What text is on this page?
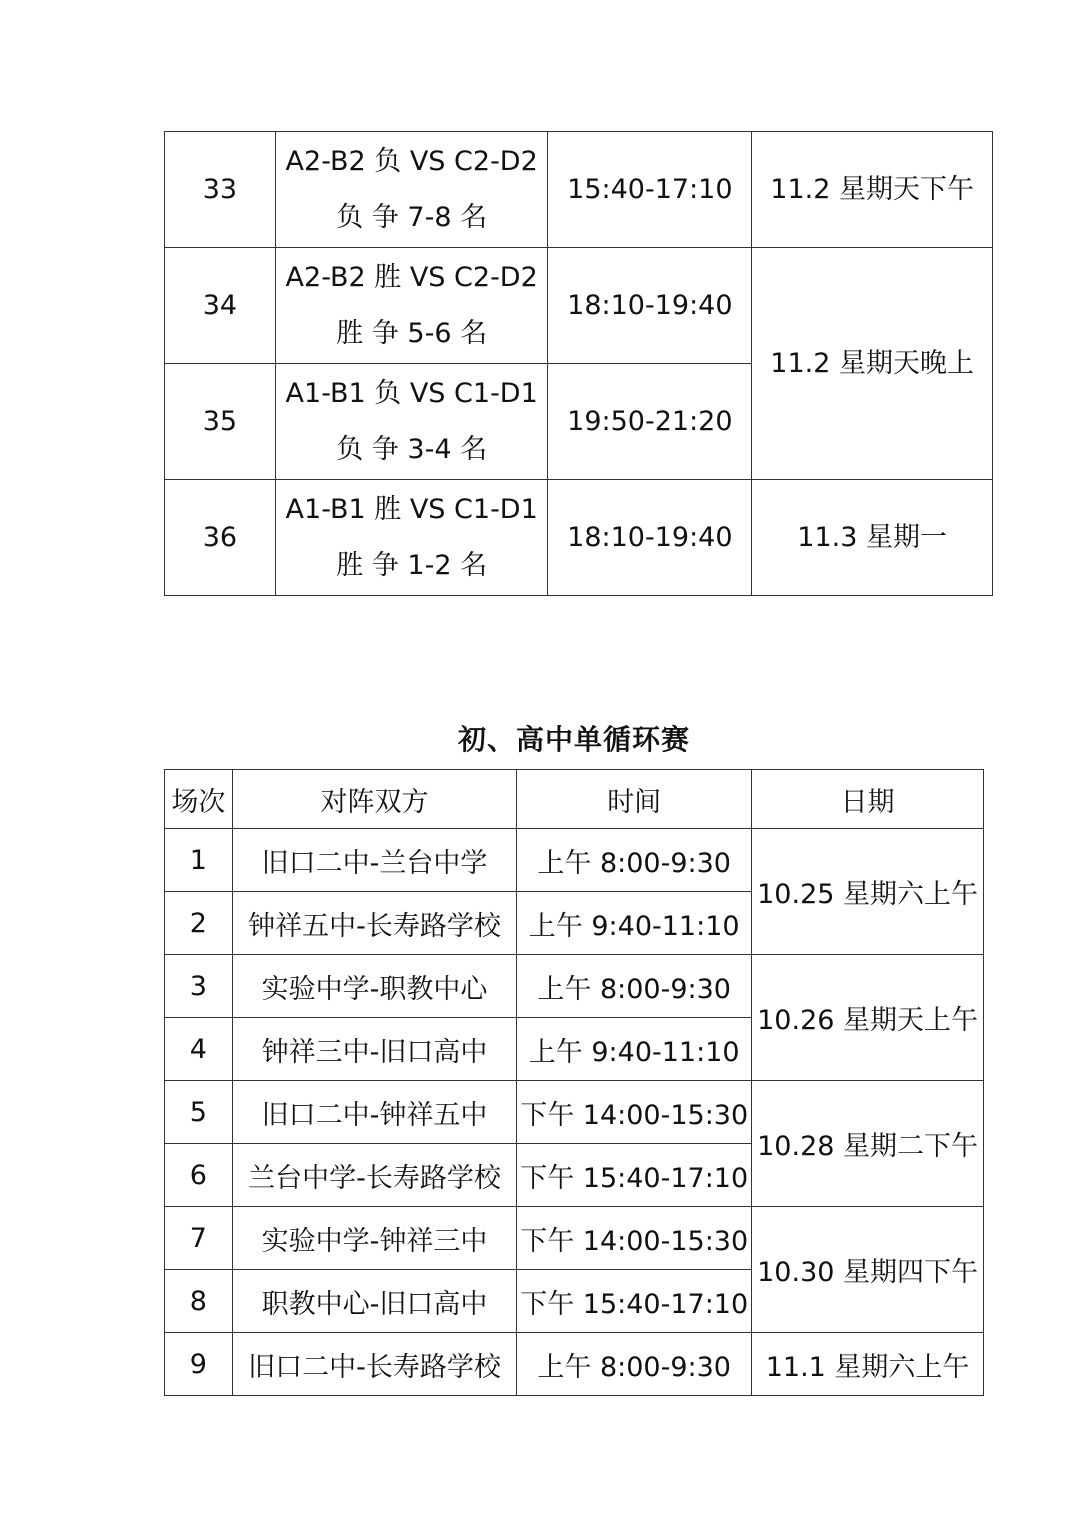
33	A2-B2 负 VS C2-D2
负 争 7-8 名	15:40-17:10	11.2 星期天下午
34	A2-B2 胜 VS C2-D2
胜 争 5-6 名	18:10-19:40	11.2 星期天晚上
35	A1-B1 负 VS C1-D1
负 争 3-4 名	19:50-21:20	
36	A1-B1 胜 VS C1-D1
胜 争 1-2 名	18:10-19:40	11.3 星期一
初、高中单循环赛
场次	对阵双方	时间	日期
1	旧口二中-兰台中学	上午 8:00-9:30	10.25 星期六上午
2	钟祥五中-长寿路学校	上午 9:40-11:10	
3	实验中学-职教中心	上午 8:00-9:30	10.26 星期天上午
4	钟祥三中-旧口高中	上午 9:40-11:10	
5	旧口二中-钟祥五中	下午 14:00-15:30	10.28 星期二下午
6	兰台中学-长寿路学校	下午 15:40-17:10	
7	实验中学-钟祥三中	下午 14:00-15:30	10.30 星期四下午
8	职教中心-旧口高中	下午 15:40-17:10	
9	旧口二中-长寿路学校	上午 8:00-9:30	11.1 星期六上午
